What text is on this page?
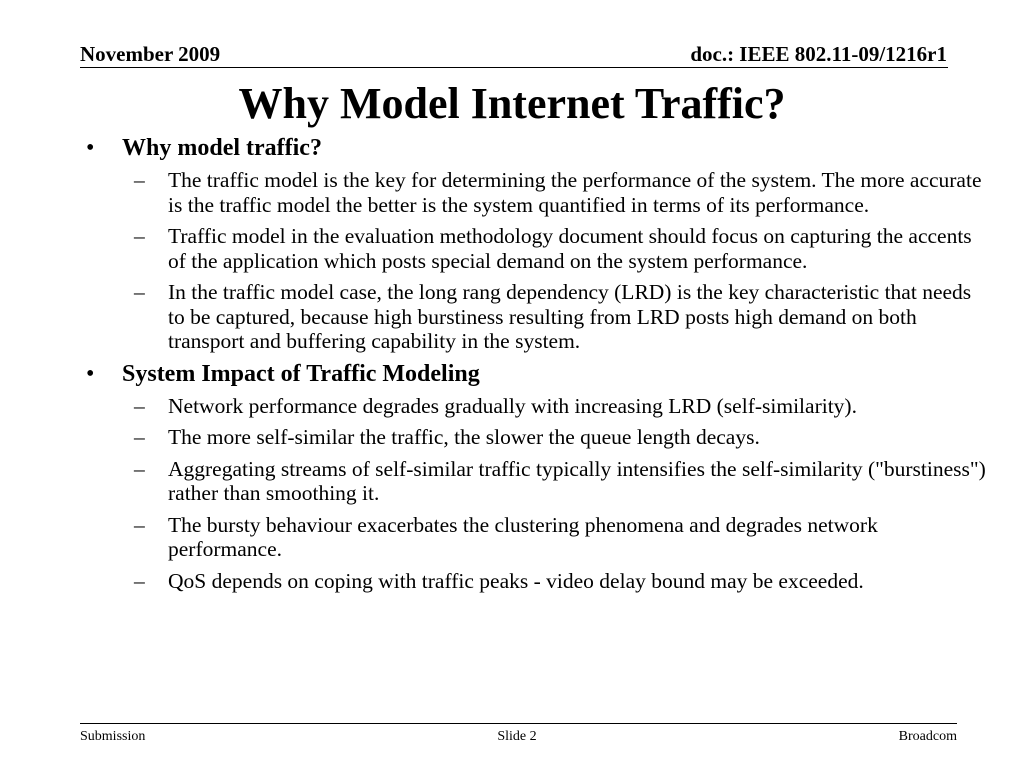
November 2009	doc.: IEEE 802.11-09/1216r1
Why Model Internet Traffic?
• Why model traffic?
– The traffic model is the key for determining the performance of the system. The more accurate is the traffic model the better is the system quantified in terms of its performance.
– Traffic model in the evaluation methodology document should focus on capturing the accents of the application which posts special demand on the system performance.
– In the traffic model case, the long rang dependency (LRD) is the key characteristic that needs to be captured, because high burstiness resulting from LRD posts high demand on both transport and buffering capability in the system.
• System Impact of Traffic Modeling
– Network performance degrades gradually with increasing LRD (self-similarity).
– The more self-similar the traffic, the slower the queue length decays.
– Aggregating streams of self-similar traffic typically intensifies the self-similarity ("burstiness") rather than smoothing it.
– The bursty behaviour exacerbates the clustering phenomena and degrades network performance.
– QoS depends on coping with traffic peaks - video delay bound may be exceeded.
Submission	Slide 2	Broadcom
